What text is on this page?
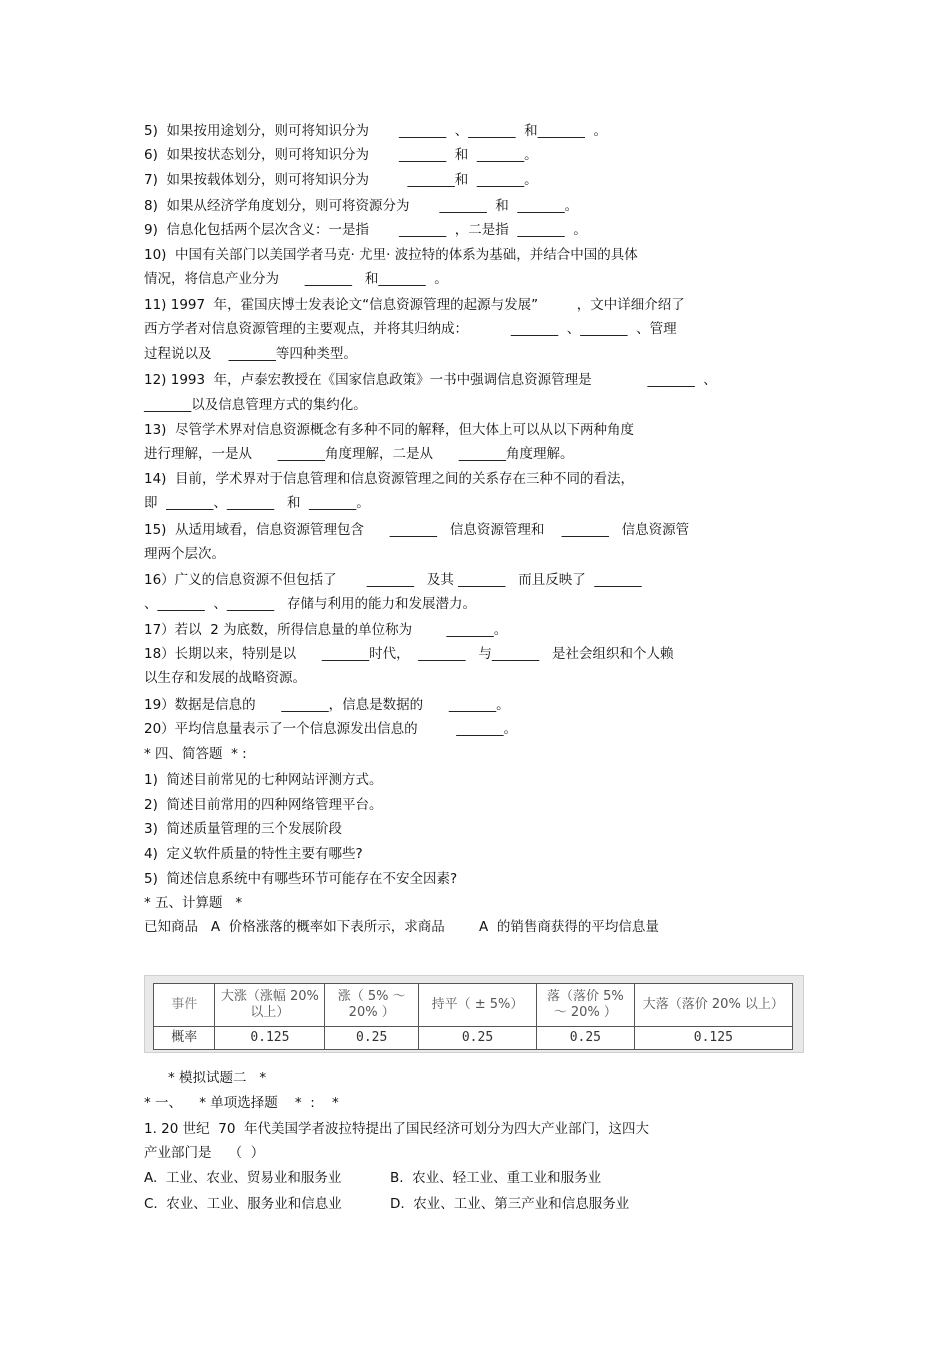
5)  如果按用途划分，则可将知识分为       _______  、_______  和_______  。
6)  如果按状态划分，则可将知识分为       _______  和  _______。
7)  如果按载体划分，则可将知识分为         _______和  _______。
8)  如果从经济学角度划分，则可将资源分为       _______  和  _______。
9)  信息化包括两个层次含义：一是指       _______  ，二是指  _______  。
10)  中国有关部门以美国学者马克· 尤里· 波拉特的体系为基础，并结合中国的具体
情况，将信息产业分为      _______   和_______  。
11) 1997  年，霍国庆博士发表论文“信息资源管理的起源与发展”         ，文中详细介绍了
西方学者对信息资源管理的主要观点，并将其归纳成：          _______  、_______  、管理
过程说以及    _______等四种类型。
12) 1993  年，卢泰宏教授在《国家信息政策》一书中强调信息资源管理是             _______  、
_______以及信息管理方式的集约化。
13)  尽管学术界对信息资源概念有多种不同的解释，但大体上可以从以下两种角度
进行理解，一是从      _______角度理解，二是从      _______角度理解。
14)  目前，学术界对于信息管理和信息资源管理之间的关系存在三种不同的看法，
即  _______、_______   和  _______。
15)  从适用域看，信息资源管理包含      _______   信息资源管理和    _______   信息资源管
理两个层次。
16）广义的信息资源不但包括了       _______   及其 _______   而且反映了  _______
、_______  、_______   存储与利用的能力和发展潜力。
17）若以  2 为底数，所得信息量的单位称为        _______。
18）长期以来，特别是以      _______时代，  _______   与_______   是社会组织和个人赖
以生存和发展的战略资源。
19）数据是信息的      _______，信息是数据的      _______。
20）平均信息量表示了一个信息源发出信息的         _______。
* 四、简答题  * :
1)  简述目前常见的七种网站评测方式。
2)  简述目前常用的四种网络管理平台。
3)  简述质量管理的三个发展阶段
4)  定义软件质量的特性主要有哪些?
5)  简述信息系统中有哪些环节可能存在不安全因素?
* 五、计算题   *
已知商品   A  价格涨落的概率如下表所示，求商品        A  的销售商获得的平均信息量
事件	大涨（涨幅 20%
以上）	涨（ 5% ～
20% ）	持平（ ± 5%）	落（落价 5%
～ 20% ）	大落（落价 20% 以上）
概率	0.125	0.25	0.25	0.25	0.125
* 模拟试题二   *
* 一、    * 单项选择题    *  :    *
1. 20 世纪  70  年代美国学者波拉特提出了国民经济可划分为四大产业部门，这四大
产业部门是    （  ）
A.  工业、农业、贸易业和服务业	B.  农业、轻工业、重工业和服务业
C.  农业、工业、服务业和信息业	D.  农业、工业、第三产业和信息服务业
